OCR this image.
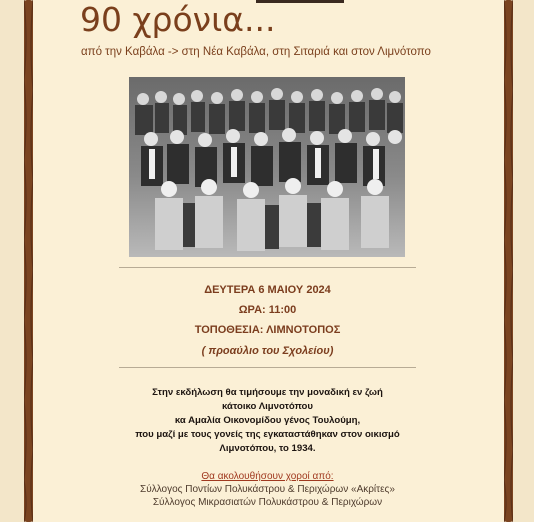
90 χρόνια...
από την Καβάλα -> στη Νέα Καβάλα, στη Σιταριά και στον Λιμνότοπο
ΔΕΥΤΕΡΑ 6 ΜΑΙΟΥ 2024
ΩΡΑ: 11:00
ΤΟΠΟΘΕΣΙΑ: ΛΙΜΝΟΤΟΠΟΣ
( προαύλιο του Σχολείου)
Στην εκδήλωση θα τιμήσουμε την μοναδική εν ζωή
κάτοικο Λιμνοτόπου
κα Αμαλία Οικονομίδου γένος Τουλούμη,
που μαζί με τους γονείς της εγκαταστάθηκαν στον οικισμό
Λιμνοτόπου, το 1934.
Θα ακολουθήσουν χοροί από:
Σύλλογος Ποντίων Πολυκάστρου & Περιχώρων «Ακρίτες»
Σύλλογος Μικρασιατών Πολυκάστρου & Περιχώρων
